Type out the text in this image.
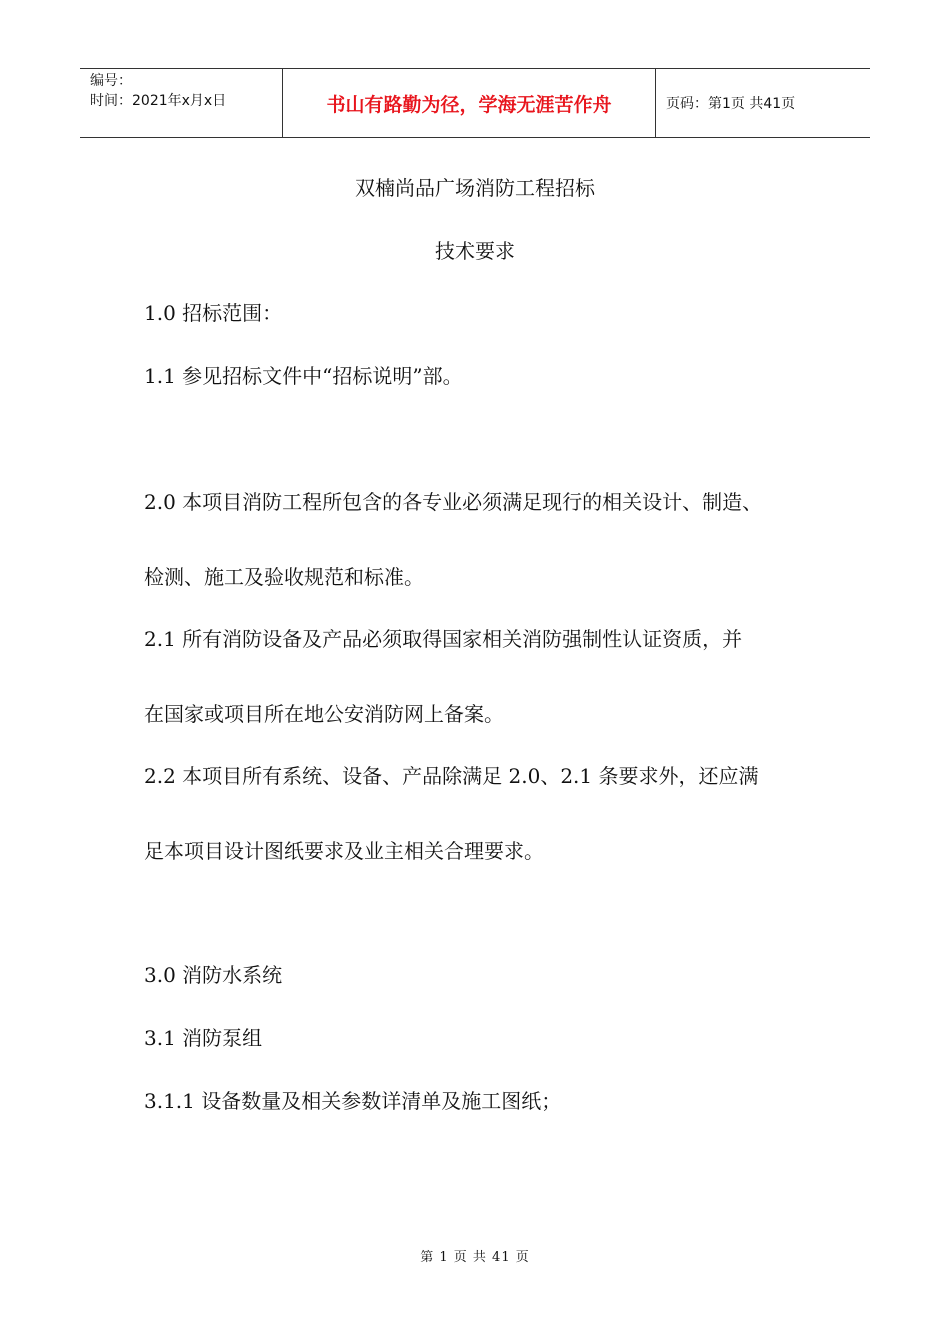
编号：
时间：2021年x月x日	书山有路勤为径，学海无涯苦作舟	页码：第1页 共41页
双楠尚品广场消防工程招标
技术要求
1.0 招标范围：
1.1 参见招标文件中“招标说明”部。
2.0 本项目消防工程所包含的各专业必须满足现行的相关设计、制造、
检测、施工及验收规范和标准。
2.1 所有消防设备及产品必须取得国家相关消防强制性认证资质，并
在国家或项目所在地公安消防网上备案。
2.2 本项目所有系统、设备、产品除满足 2.0、2.1 条要求外，还应满
足本项目设计图纸要求及业主相关合理要求。
3.0 消防水系统
3.1 消防泵组
3.1.1 设备数量及相关参数详清单及施工图纸；
第 1 页 共 41 页
